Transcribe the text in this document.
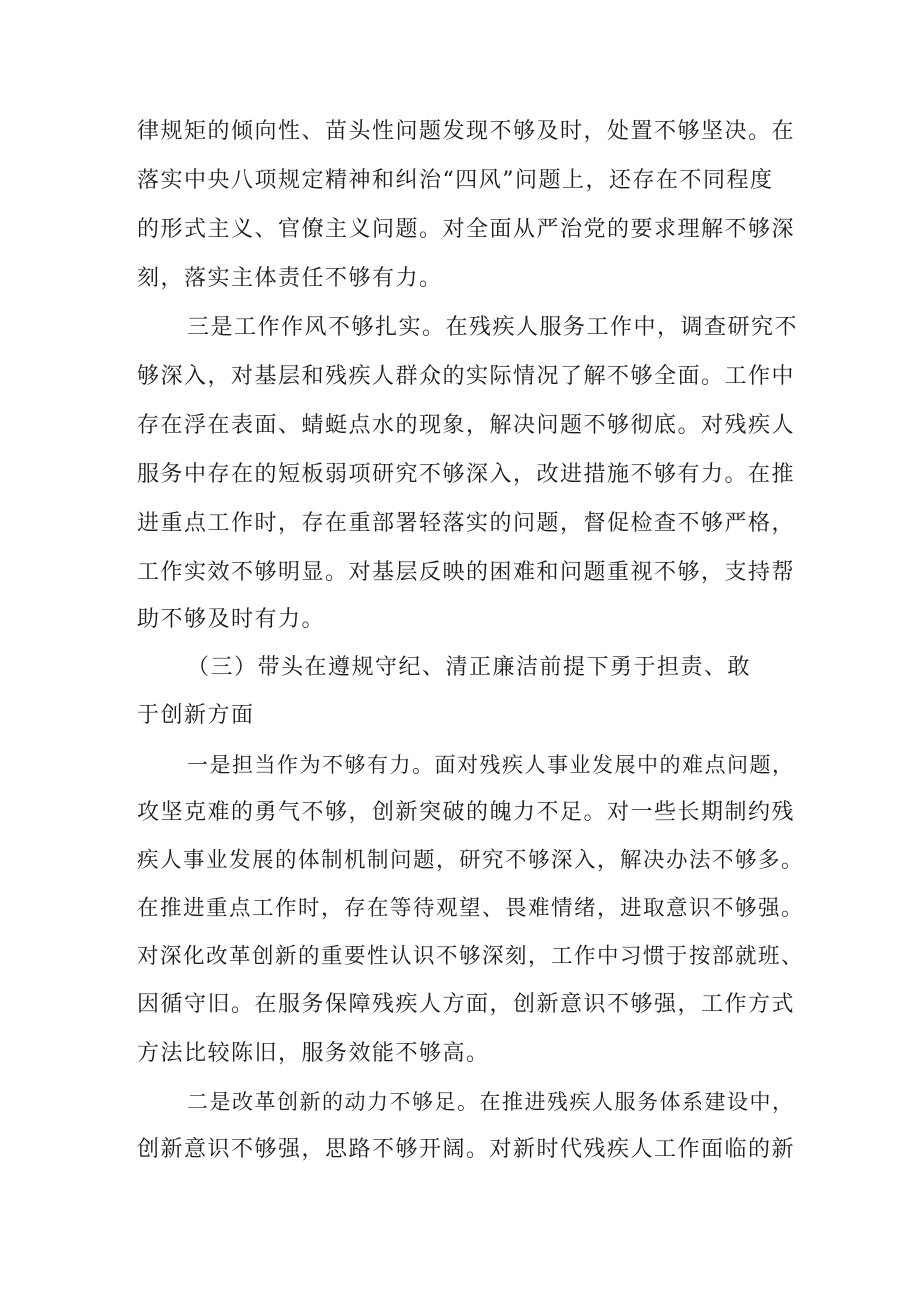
律规矩的倾向性、苗头性问题发现不够及时，处置不够坚决。在
落实中央八项规定精神和纠治“四风”问题上，还存在不同程度
的形式主义、官僚主义问题。对全面从严治党的要求理解不够深
刻，落实主体责任不够有力。
三是工作作风不够扎实。在残疾人服务工作中，调查研究不
够深入，对基层和残疾人群众的实际情况了解不够全面。工作中
存在浮在表面、蜻蜓点水的现象，解决问题不够彻底。对残疾人
服务中存在的短板弱项研究不够深入，改进措施不够有力。在推
进重点工作时，存在重部署轻落实的问题，督促检查不够严格，
工作实效不够明显。对基层反映的困难和问题重视不够，支持帮
助不够及时有力。
（三）带头在遵规守纪、清正廉洁前提下勇于担责、敢
于创新方面
一是担当作为不够有力。面对残疾人事业发展中的难点问题，
攻坚克难的勇气不够，创新突破的魄力不足。对一些长期制约残
疾人事业发展的体制机制问题，研究不够深入，解决办法不够多。
在推进重点工作时，存在等待观望、畏难情绪，进取意识不够强。
对深化改革创新的重要性认识不够深刻，工作中习惯于按部就班、
因循守旧。在服务保障残疾人方面，创新意识不够强，工作方式
方法比较陈旧，服务效能不够高。
二是改革创新的动力不够足。在推进残疾人服务体系建设中，
创新意识不够强，思路不够开阔。对新时代残疾人工作面临的新
